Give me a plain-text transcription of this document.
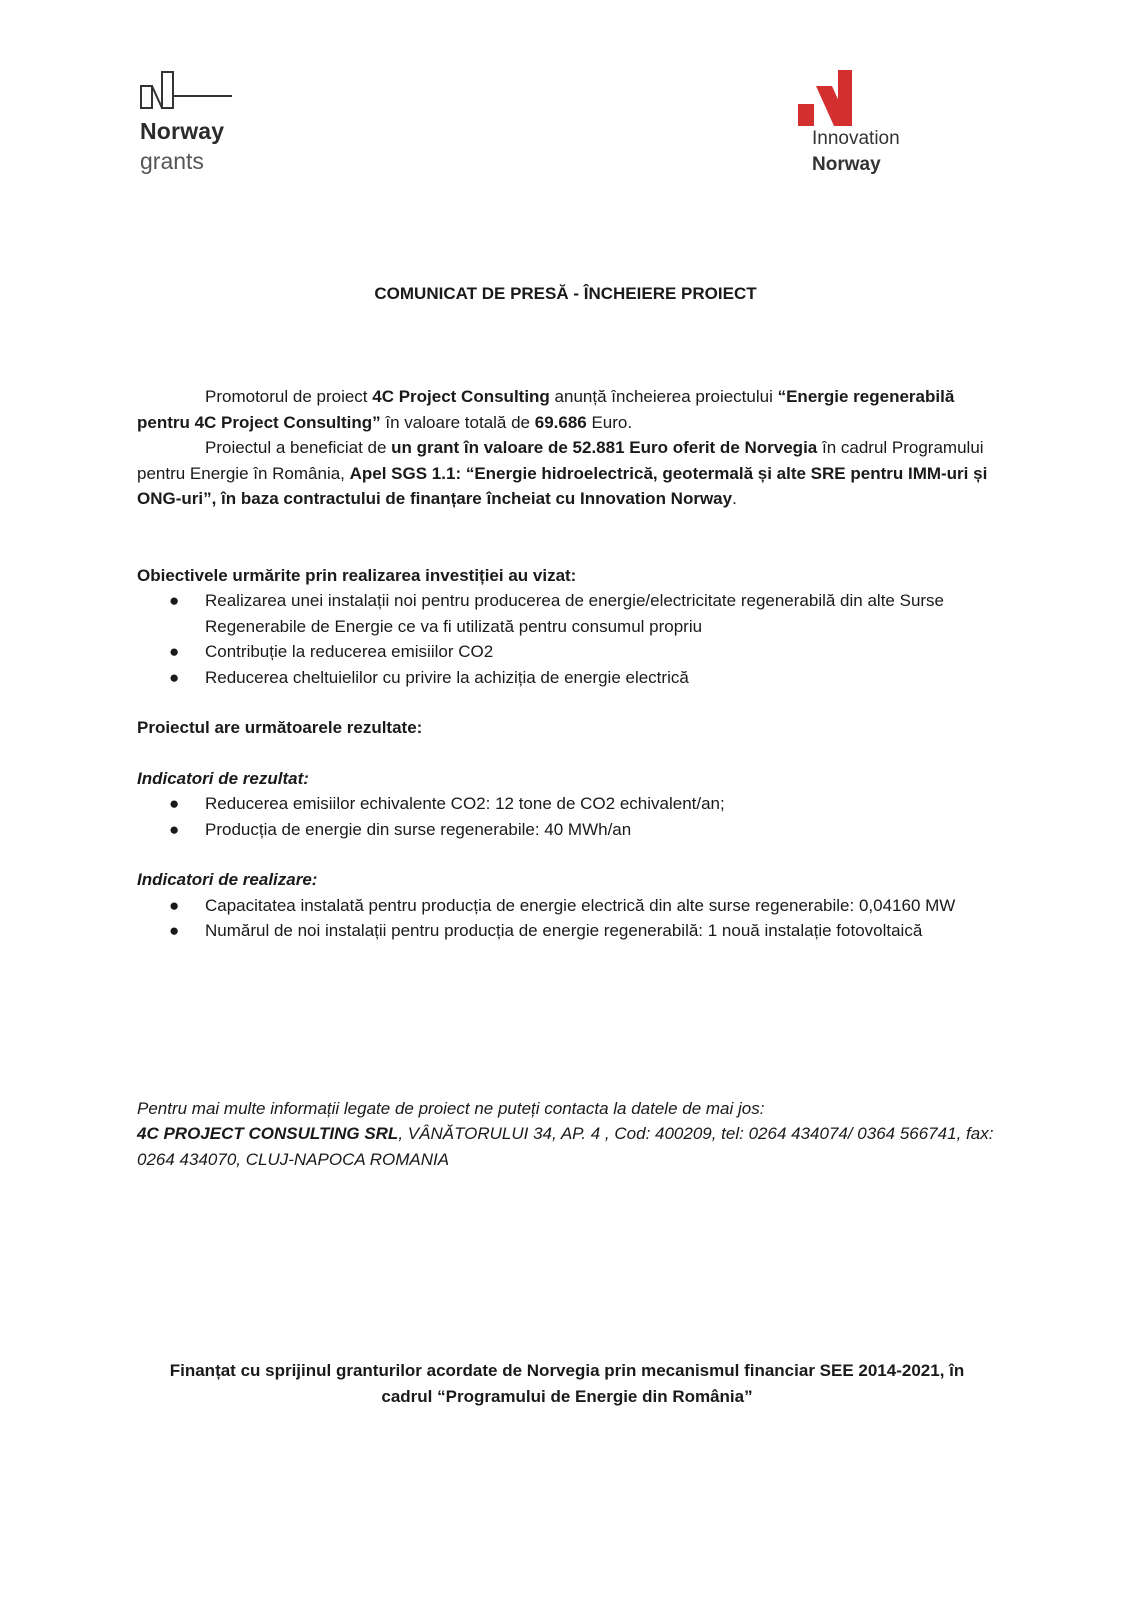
Norway
grants
Innovation
Norway
COMUNICAT DE PRESĂ - ÎNCHEIERE PROIECT

Promotorul de proiect 4C Project Consulting anunță încheierea proiectului “Energie regenerabilă pentru 4C Project Consulting” în valoare totală de 69.686 Euro.

Proiectul a beneficiat de un grant în valoare de 52.881 Euro oferit de Norvegia în cadrul Programului pentru Energie în România, Apel SGS 1.1: “Energie hidroelectrică, geotermală și alte SRE pentru IMM-uri și ONG-uri”, în baza contractului de finanțare încheiat cu Innovation Norway.

Obiectivele urmărite prin realizarea investiției au vizat:

● Realizarea unei instalații noi pentru producerea de energie/electricitate regenerabilă din alte Surse Regenerabile de Energie ce va fi utilizată pentru consumul propriu
● Contribuție la reducerea emisiilor CO2
● Reducerea cheltuielilor cu privire la achiziția de energie electrică

Proiectul are următoarele rezultate:

Indicatori de rezultat:

● Reducerea emisiilor echivalente CO2: 12 tone de CO2 echivalent/an;
● Producția de energie din surse regenerabile: 40 MWh/an

Indicatori de realizare:

● Capacitatea instalată pentru producția de energie electrică din alte surse regenerabile: 0,04160 MW
● Numărul de noi instalații pentru producția de energie regenerabilă: 1 nouă instalație fotovoltaică

Pentru mai multe informații legate de proiect ne puteți contacta la datele de mai jos:

4C PROJECT CONSULTING SRL, VÂNĂTORULUI 34, AP. 4 , Cod: 400209, tel: 0264 434074/ 0364 566741, fax: 0264 434070, CLUJ-NAPOCA ROMANIA

Finanțat cu sprijinul granturilor acordate de Norvegia prin mecanismul financiar SEE 2014-2021, în
cadrul “Programului de Energie din România”
